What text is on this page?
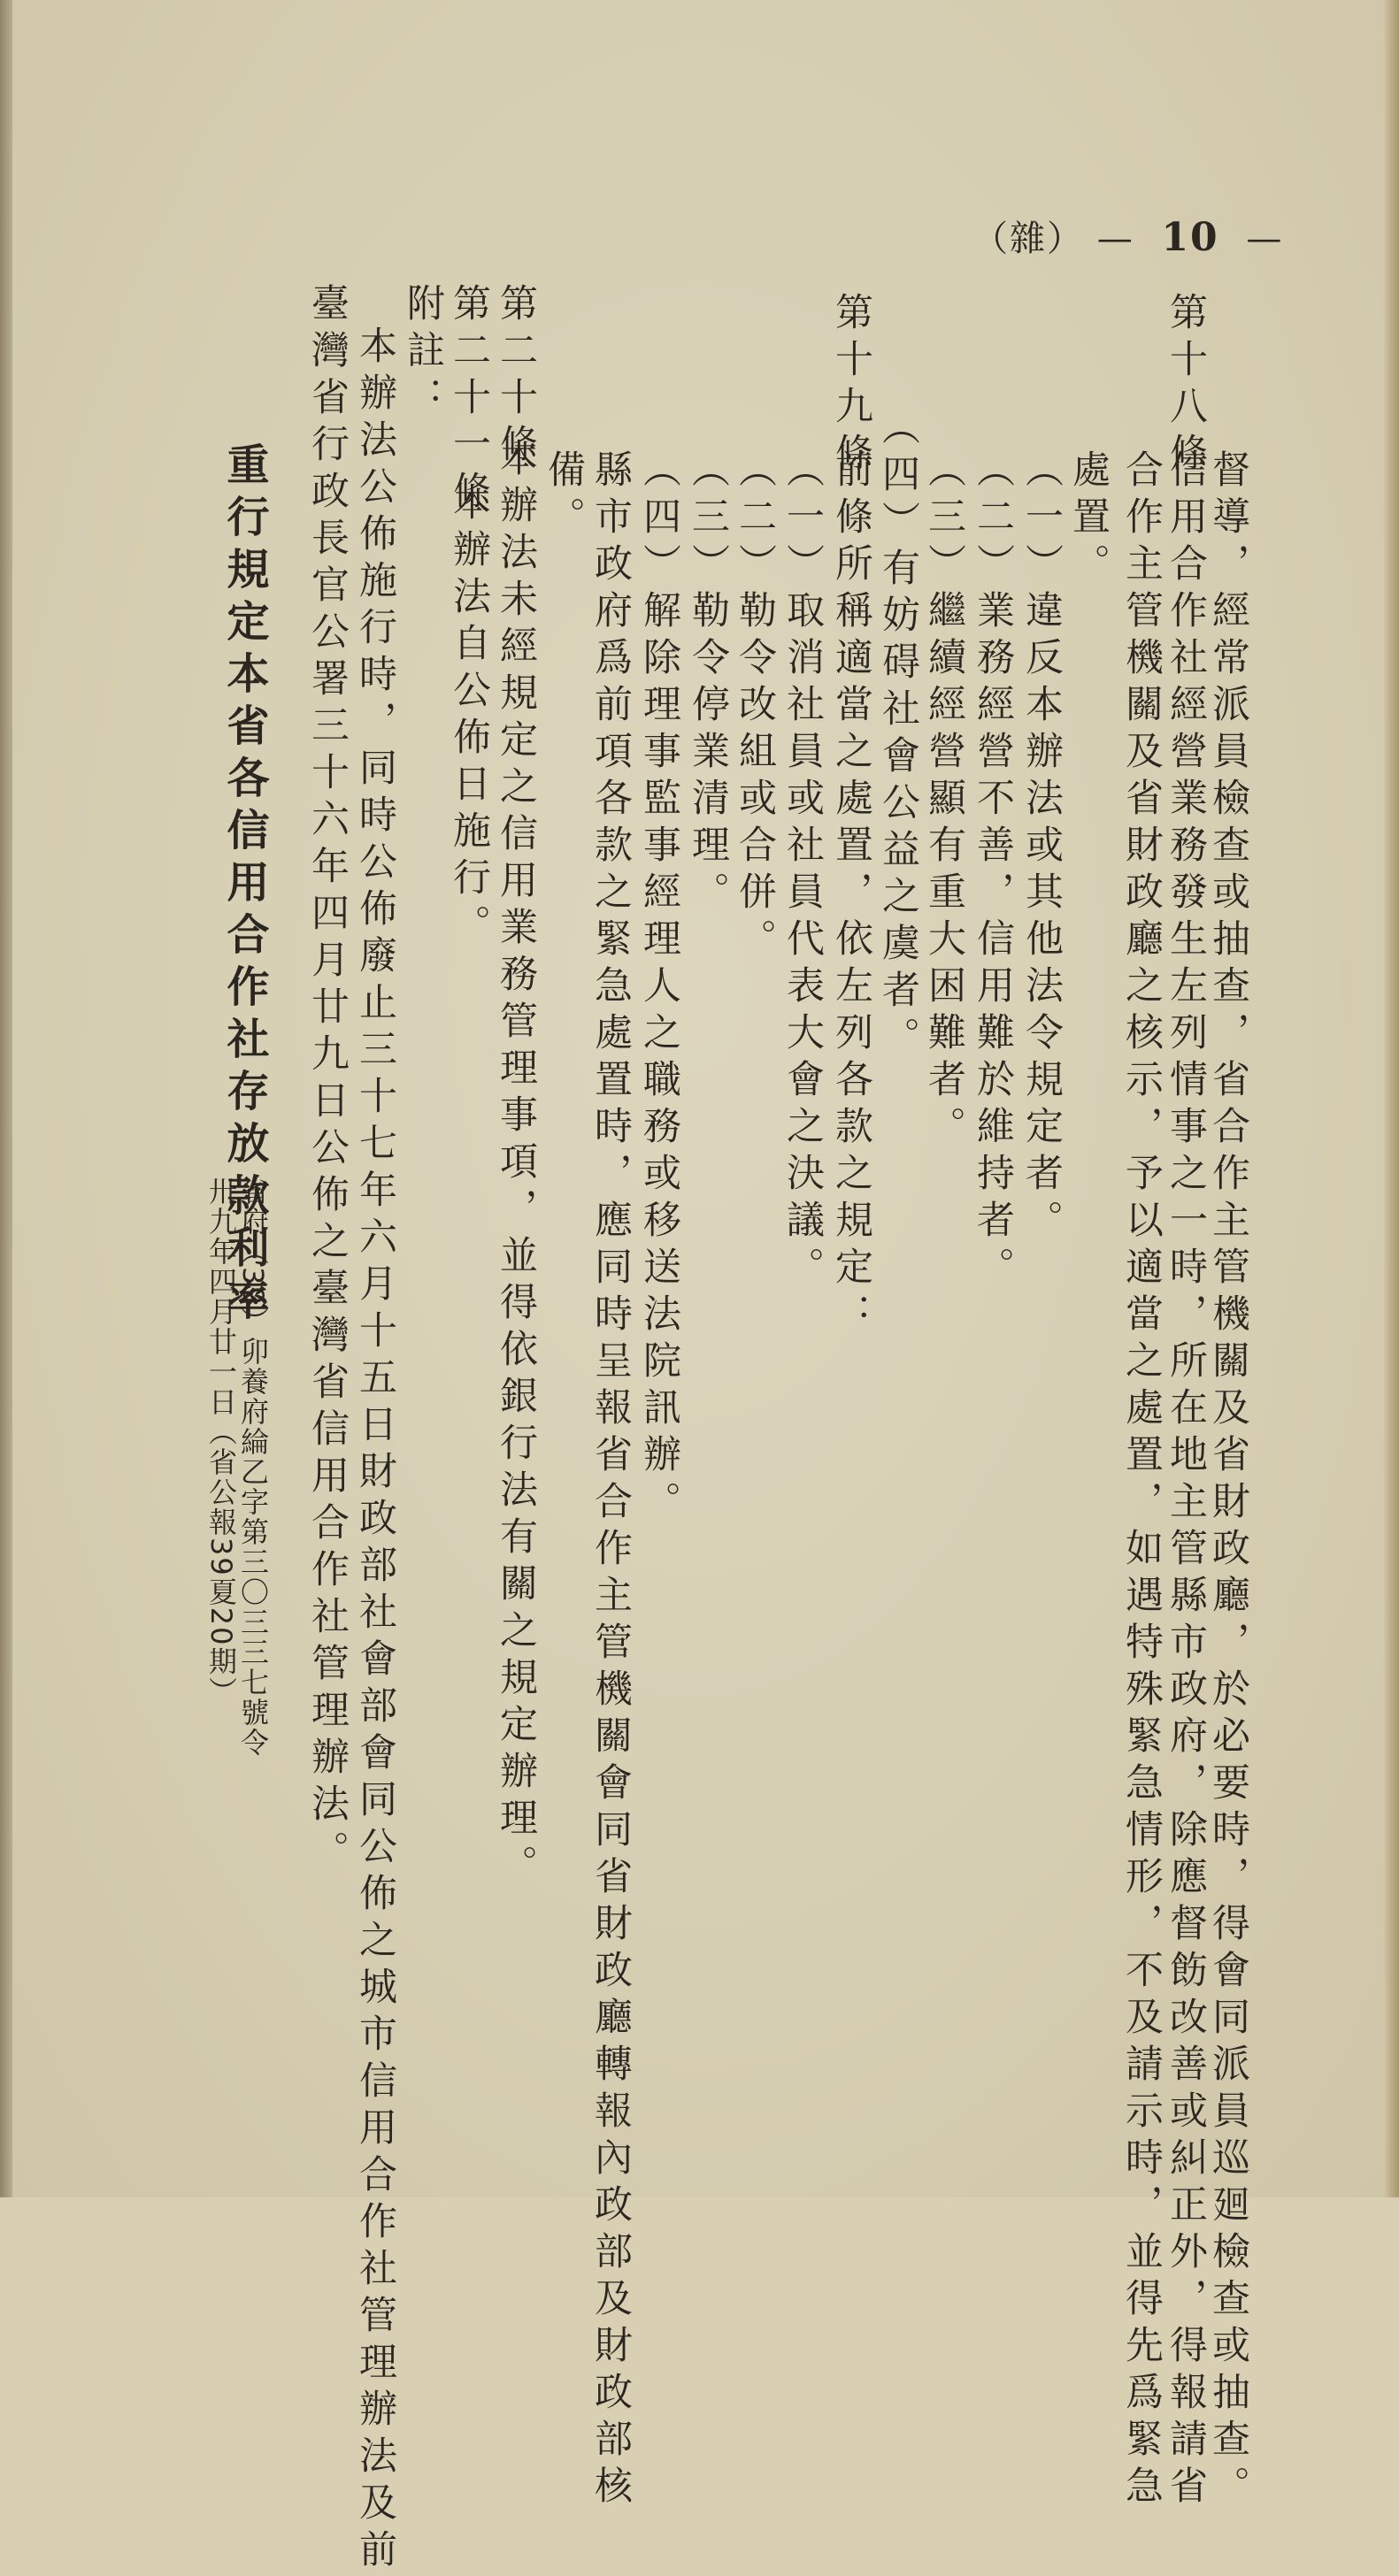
（雜） — 10 —
督導，經常派員檢查或抽查，省合作主管機關及省財政廳，於必要時，得會同派員巡廻檢查或抽查。
第十八條
信用合作社經營業務發生左列情事之一時，所在地主管縣市政府，除應督飭改善或糾正外，得報請省
合作主管機關及省財政廳之核示，予以適當之處置，如遇特殊緊急情形，不及請示時，並得先爲緊急
處置。
（一）違反本辦法或其他法令規定者。
（二）業務經營不善，信用難於維持者。
（三）繼續經營顯有重大困難者。
（四）有妨碍社會公益之虞者。
第十九條
前條所稱適當之處置，依左列各款之規定：
（一）取消社員或社員代表大會之決議。
（二）勒令改組或合併。
（三）勒令停業清理。
（四）解除理事監事經理人之職務或移送法院訊辦。
縣市政府爲前項各款之緊急處置時，應同時呈報省合作主管機關會同省財政廳轉報內政部及財政部核
備。
第二十條
本辦法未經規定之信用業務管理事項，並得依銀行法有關之規定辦理。
第二十一條
本辦法自公佈日施行。
附註：
本辦法公佈施行時，同時公佈廢止三十七年六月十五日財政部社會部會同公佈之城市信用合作社管理辦法及前
臺灣省行政長官公署三十六年四月廿九日公佈之臺灣省信用合作社管理辦法。
重行規定本省各信用合作社存放款利率
省府（39）卯養府綸乙字第三〇三三七號令
卅九年四月廿一日（省公報39夏20期）
